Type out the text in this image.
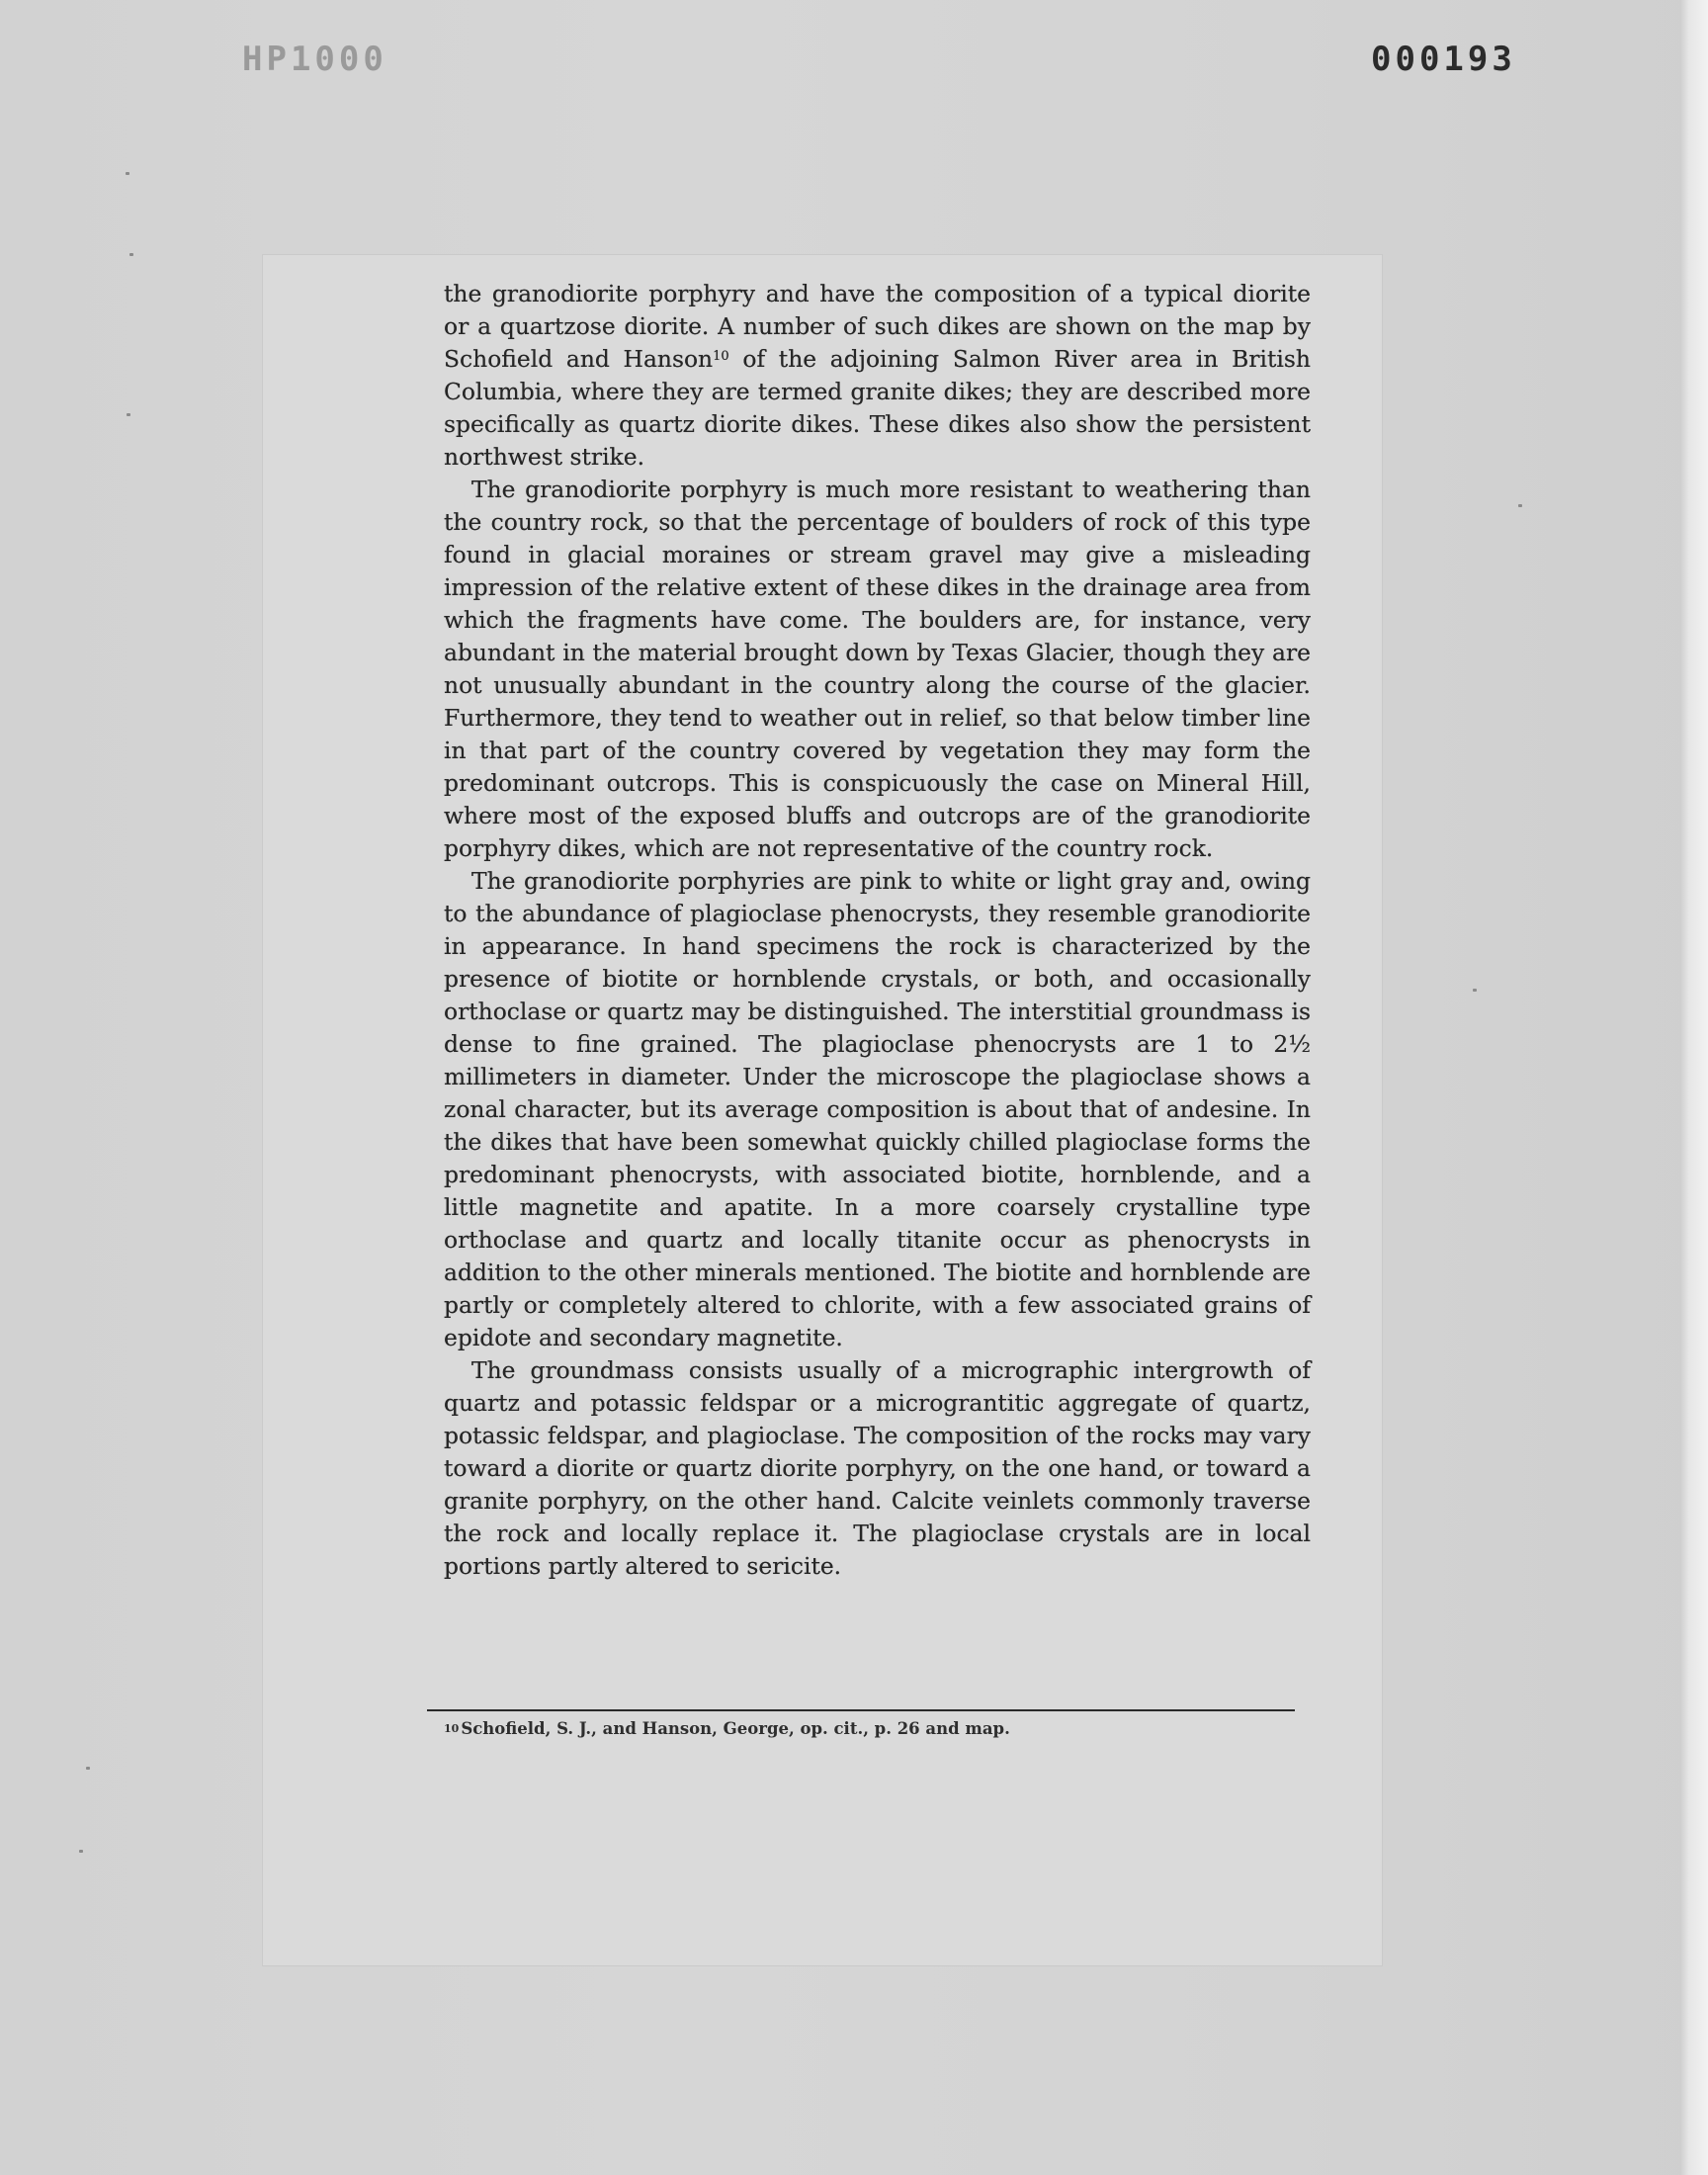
HP1000	000193

the granodiorite porphyry and have the composition of a typical diorite or a quartzose diorite. A number of such dikes are shown on the map by Schofield and Hanson$^{10}$ of the adjoining Salmon River area in British Columbia, where they are termed granite dikes; they are described more specifically as quartz diorite dikes. These dikes also show the persistent northwest strike.

The granodiorite porphyry is much more resistant to weathering than the country rock, so that the percentage of boulders of rock of this type found in glacial moraines or stream gravel may give a misleading impression of the relative extent of these dikes in the drainage area from which the fragments have come. The boulders are, for instance, very abundant in the material brought down by Texas Glacier, though they are not unusually abundant in the country along the course of the glacier. Furthermore, they tend to weather out in relief, so that below timber line in that part of the country covered by vegetation they may form the predominant outcrops. This is conspicuously the case on Mineral Hill, where most of the exposed bluffs and outcrops are of the granodiorite porphyry dikes, which are not representative of the country rock.

The granodiorite porphyries are pink to white or light gray and, owing to the abundance of plagioclase phenocrysts, they resemble granodiorite in appearance. In hand specimens the rock is characterized by the presence of biotite or hornblende crystals, or both, and occasionally orthoclase or quartz may be distinguished. The interstitial groundmass is dense to fine grained. The plagioclase phenocrysts are 1 to 2½ millimeters in diameter. Under the microscope the plagioclase shows a zonal character, but its average composition is about that of andesine. In the dikes that have been somewhat quickly chilled plagioclase forms the predominant phenocrysts, with associated biotite, hornblende, and a little magnetite and apatite. In a more coarsely crystalline type orthoclase and quartz and locally titanite occur as phenocrysts in addition to the other minerals mentioned. The biotite and hornblende are partly or completely altered to chlorite, with a few associated grains of epidote and secondary magnetite.

The groundmass consists usually of a micrographic intergrowth of quartz and potassic feldspar or a micrograntitic aggregate of quartz, potassic feldspar, and plagioclase. The composition of the rocks may vary toward a diorite or quartz diorite porphyry, on the one hand, or toward a granite porphyry, on the other hand. Calcite veinlets commonly traverse the rock and locally replace it. The plagioclase crystals are in local portions partly altered to sericite.

$^{10}$ Schofield, S. J., and Hanson, George, op. cit., p. 26 and map.
